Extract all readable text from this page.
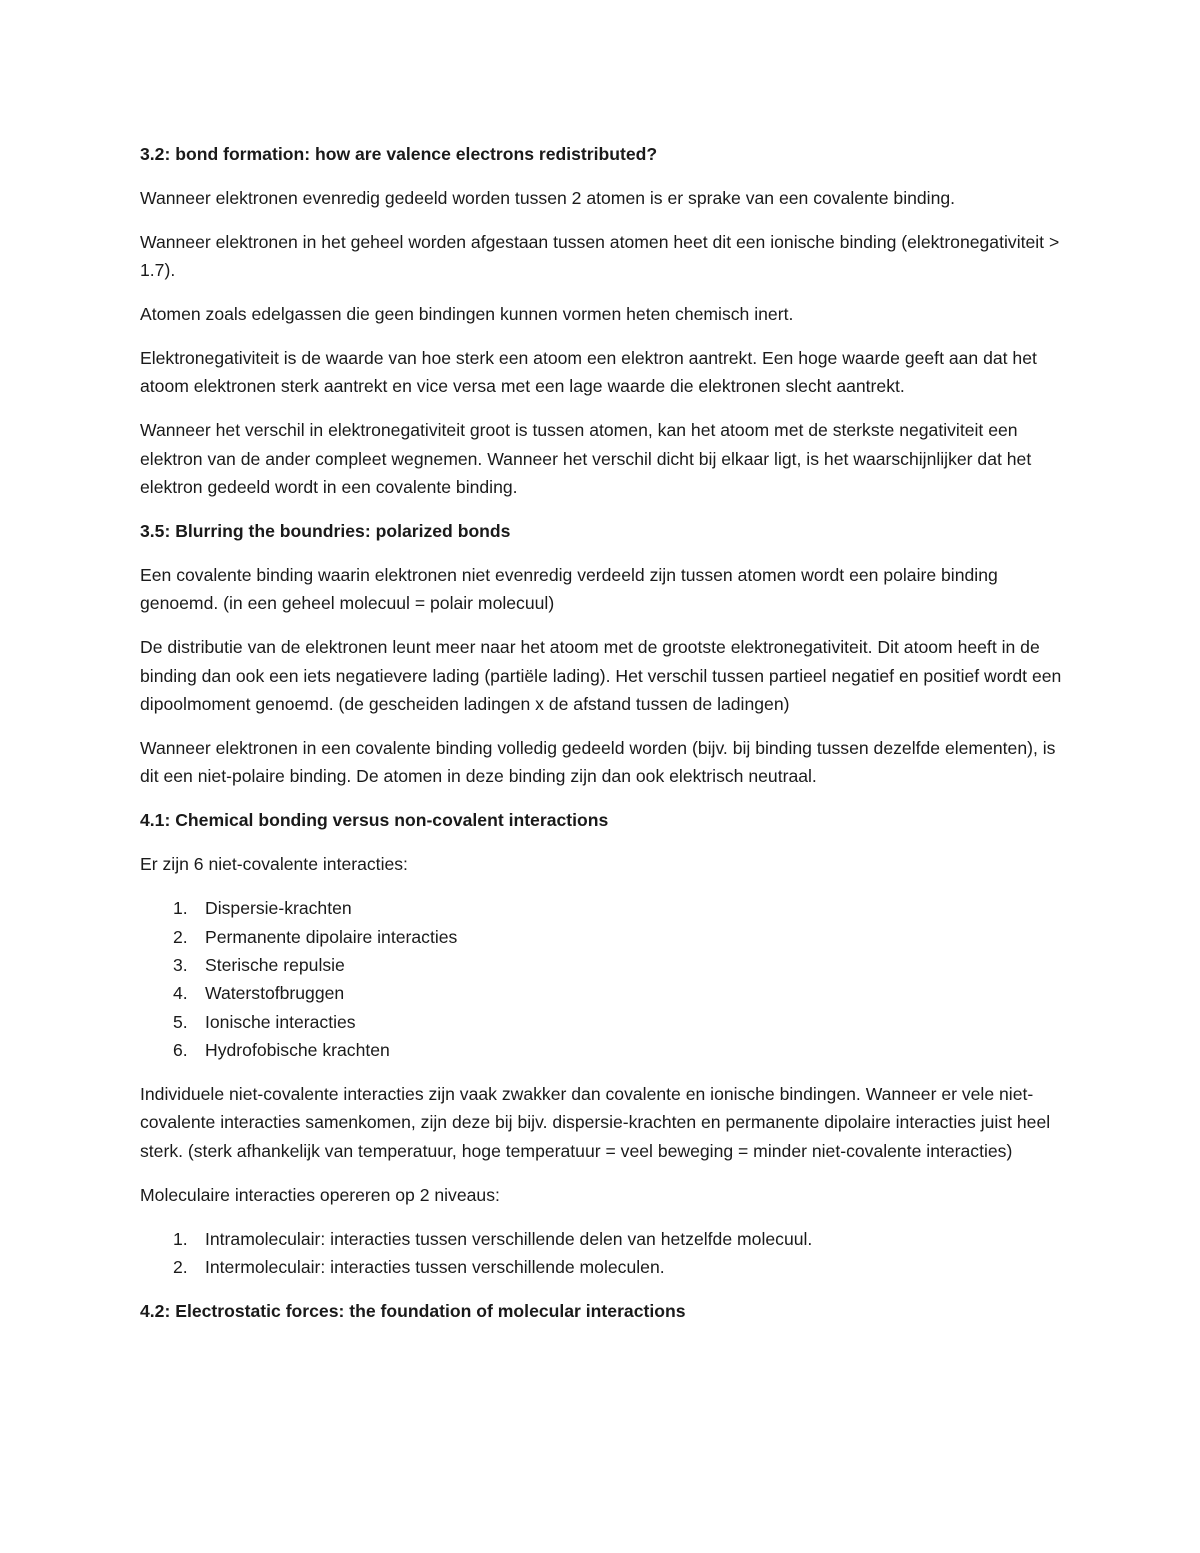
3.2: bond formation: how are valence electrons redistributed?
Wanneer elektronen evenredig gedeeld worden tussen 2 atomen is er sprake van een covalente binding.
Wanneer elektronen in het geheel worden afgestaan tussen atomen heet dit een ionische binding (elektronegativiteit > 1.7).
Atomen zoals edelgassen die geen bindingen kunnen vormen heten chemisch inert.
Elektronegativiteit is de waarde van hoe sterk een atoom een elektron aantrekt. Een hoge waarde geeft aan dat het atoom elektronen sterk aantrekt en vice versa met een lage waarde die elektronen slecht aantrekt.
Wanneer het verschil in elektronegativiteit groot is tussen atomen, kan het atoom met de sterkste negativiteit een elektron van de ander compleet wegnemen. Wanneer het verschil dicht bij elkaar ligt, is het waarschijnlijker dat het elektron gedeeld wordt in een covalente binding.
3.5: Blurring the boundries: polarized bonds
Een covalente binding waarin elektronen niet evenredig verdeeld zijn tussen atomen wordt een polaire binding genoemd. (in een geheel molecuul = polair molecuul)
De distributie van de elektronen leunt meer naar het atoom met de grootste elektronegativiteit. Dit atoom heeft in de binding dan ook een iets negatievere lading (partiële lading). Het verschil tussen partieel negatief en positief wordt een dipoolmoment genoemd. (de gescheiden ladingen x de afstand tussen de ladingen)
Wanneer elektronen in een covalente binding volledig gedeeld worden (bijv. bij binding tussen dezelfde elementen), is dit een niet-polaire binding. De atomen in deze binding zijn dan ook elektrisch neutraal.
4.1: Chemical bonding versus non-covalent interactions
Er zijn 6 niet-covalente interacties:
1. Dispersie-krachten
2. Permanente dipolaire interacties
3. Sterische repulsie
4. Waterstofbruggen
5. Ionische interacties
6. Hydrofobische krachten
Individuele niet-covalente interacties zijn vaak zwakker dan covalente en ionische bindingen. Wanneer er vele niet-covalente interacties samenkomen, zijn deze bij bijv. dispersie-krachten en permanente dipolaire interacties juist heel sterk. (sterk afhankelijk van temperatuur, hoge temperatuur = veel beweging = minder niet-covalente interacties)
Moleculaire interacties opereren op 2 niveaus:
1. Intramoleculair: interacties tussen verschillende delen van hetzelfde molecuul.
2. Intermoleculair: interacties tussen verschillende moleculen.
4.2: Electrostatic forces: the foundation of molecular interactions
